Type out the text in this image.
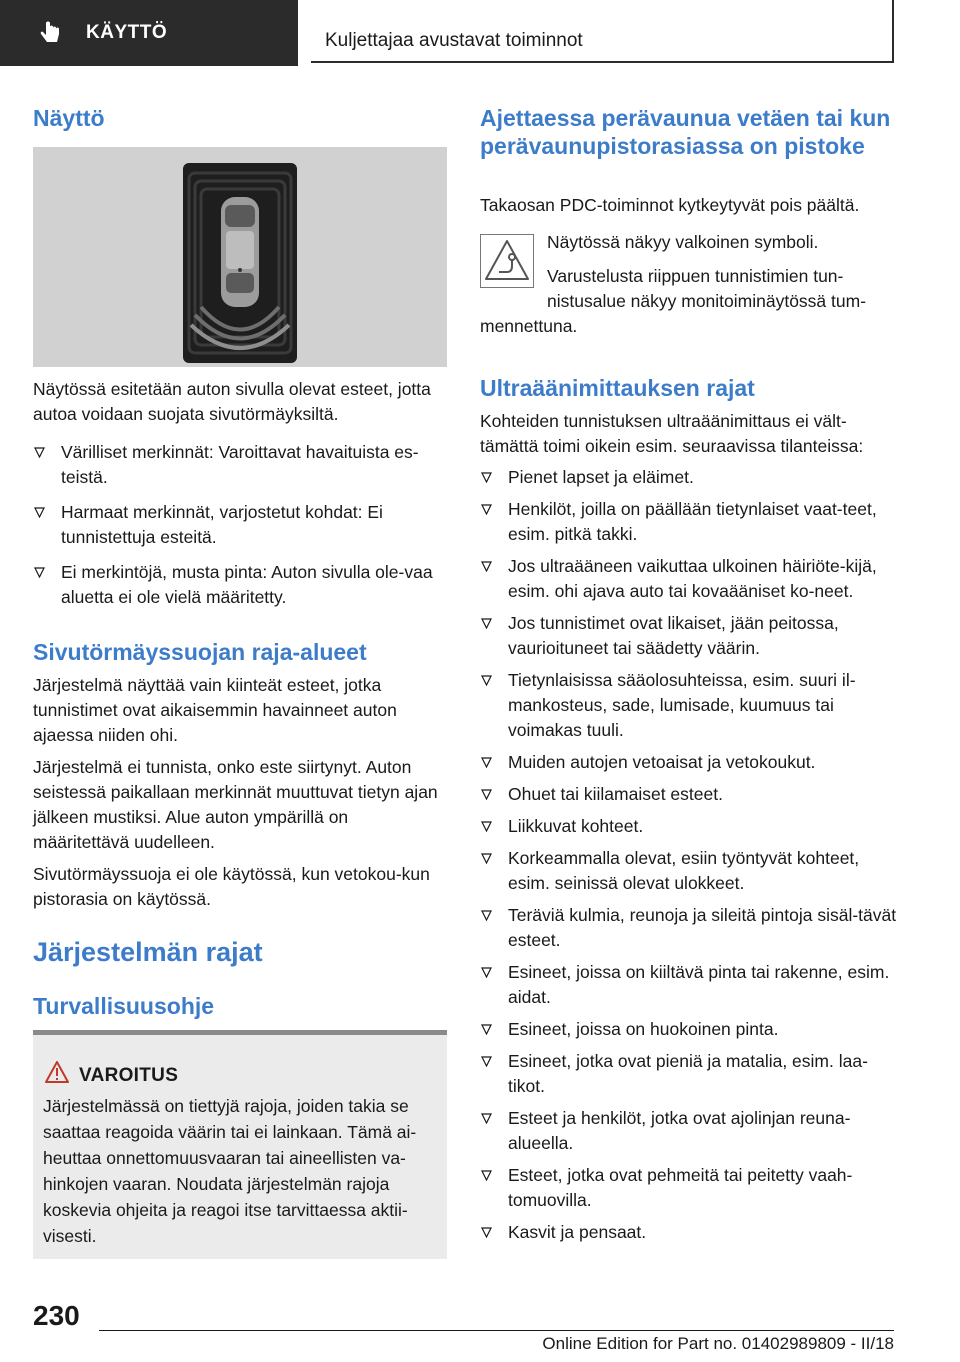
KÄYTTÖ	Kuljettajaa avustavat toiminnot
Näyttö

Näytössä esitetään auton sivulla olevat esteet, jotta autoa voidaan suojata sivutörmäyksiltä.

Värilliset merkinnät: Varoittavat havaituista es-teistä.
Harmaat merkinnät, varjostetut kohdat: Ei tunnistettuja esteitä.
Ei merkintöjä, musta pinta: Auton sivulla ole-vaa aluetta ei ole vielä määritetty.
Sivutörmäyssuojan raja-alueet

Järjestelmä näyttää vain kiinteät esteet, jotka tunnistimet ovat aikaisemmin havainneet auton ajaessa niiden ohi.

Järjestelmä ei tunnista, onko este siirtynyt. Auton seistessä paikallaan merkinnät muuttuvat tietyn ajan jälkeen mustiksi. Alue auton ympärillä on määritettävä uudelleen.

Sivutörmäyssuoja ei ole käytössä, kun vetokou-kun pistorasia on käytössä.

Järjestelmän rajat
Turvallisuusohje
VAROITUS
Järjestelmässä on tiettyjä rajoja, joiden takia se saattaa reagoida väärin tai ei lainkaan. Tämä ai-heuttaa onnettomuusvaaran tai aineellisten va-hinkojen vaaran. Noudata järjestelmän rajoja koskevia ohjeita ja reagoi itse tarvittaessa aktii-visesti.
Ajettaessa perävaunua vetäen tai kun perävaunupistorasiassa on pistoke

Takaosan PDC-toiminnot kytkeytyvät pois päältä.

Näytössä näkyy valkoinen symboli.

Varustelusta riippuen tunnistimien tun-nistusalue näkyy monitoiminäytössä tum-

mennettuna.

Ultraäänimittauksen rajat

Kohteiden tunnistuksen ultraäänimittaus ei vält-tämättä toimi oikein esim. seuraavissa tilanteissa:

Pienet lapset ja eläimet.
Henkilöt, joilla on päällään tietynlaiset vaat-teet, esim. pitkä takki.
Jos ultraääneen vaikuttaa ulkoinen häiriöte-kijä, esim. ohi ajava auto tai kovaääniset ko-neet.
Jos tunnistimet ovat likaiset, jään peitossa, vaurioituneet tai säädetty väärin.
Tietynlaisissa sääolosuhteissa, esim. suuri il-mankosteus, sade, lumisade, kuumuus tai voimakas tuuli.
Muiden autojen vetoaisat ja vetokoukut.
Ohuet tai kiilamaiset esteet.
Liikkuvat kohteet.
Korkeammalla olevat, esiin työntyvät kohteet, esim. seinissä olevat ulokkeet.
Teräviä kulmia, reunoja ja sileitä pintoja sisäl-tävät esteet.
Esineet, joissa on kiiltävä pinta tai rakenne, esim. aidat.
Esineet, joissa on huokoinen pinta.
Esineet, jotka ovat pieniä ja matalia, esim. laa-tikot.
Esteet ja henkilöt, jotka ovat ajolinjan reuna-alueella.
Esteet, jotka ovat pehmeitä tai peitetty vaah-tomuovilla.
Kasvit ja pensaat.
230
Online Edition for Part no. 01402989809 - II/18
